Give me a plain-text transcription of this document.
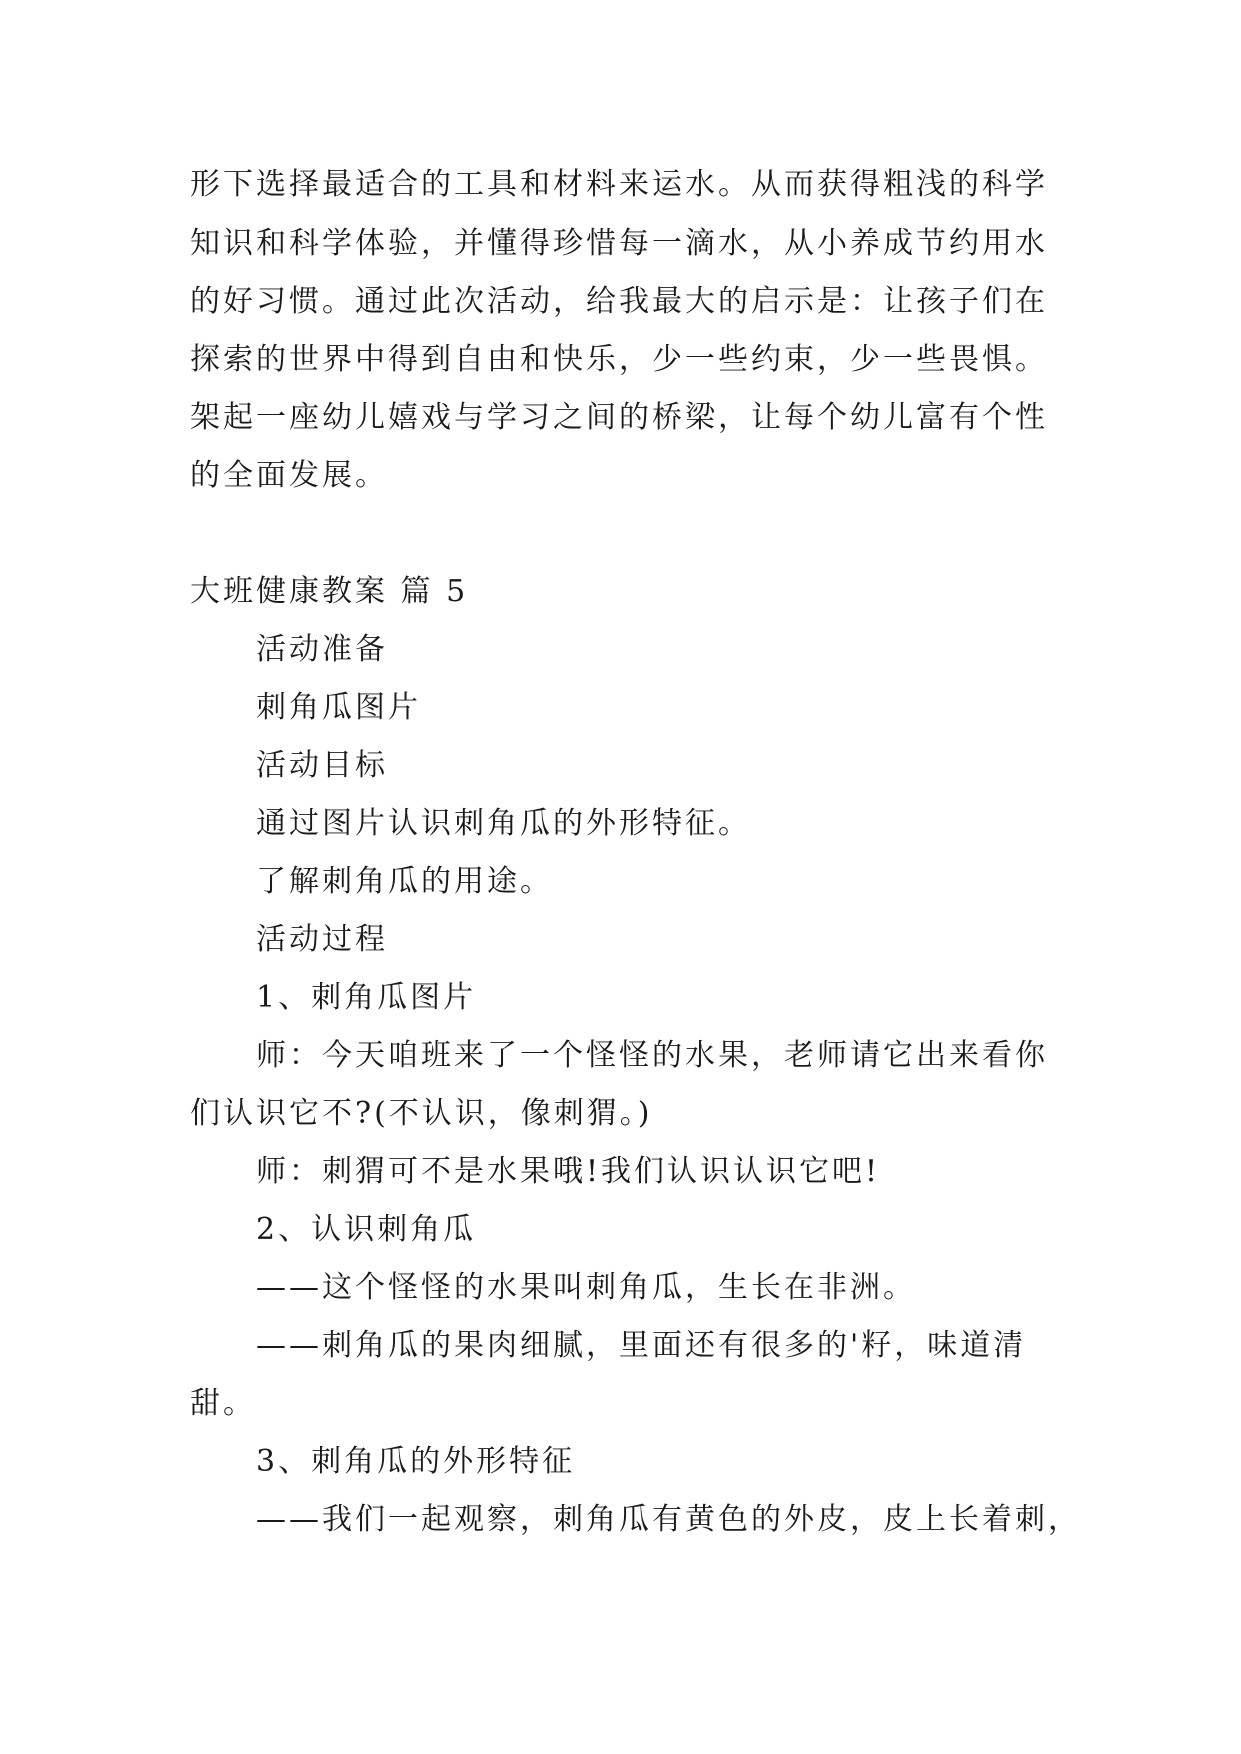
形下选择最适合的工具和材料来运水。从而获得粗浅的科学

知识和科学体验，并懂得珍惜每一滴水，从小养成节约用水

的好习惯。通过此次活动，给我最大的启示是：让孩子们在

探索的世界中得到自由和快乐，少一些约束，少一些畏惧。

架起一座幼儿嬉戏与学习之间的桥梁，让每个幼儿富有个性

的全面发展。

大班健康教案 篇 5

活动准备

刺角瓜图片

活动目标

通过图片认识刺角瓜的外形特征。

了解刺角瓜的用途。

活动过程

1、刺角瓜图片

师：今天咱班来了一个怪怪的水果，老师请它出来看你

们认识它不?(不认识，像刺猬。)

师：刺猬可不是水果哦!我们认识认识它吧!

2、认识刺角瓜

——这个怪怪的水果叫刺角瓜，生长在非洲。

——刺角瓜的果肉细腻，里面还有很多的'籽，味道清

甜。

3、刺角瓜的外形特征

——我们一起观察，刺角瓜有黄色的外皮，皮上长着刺，
